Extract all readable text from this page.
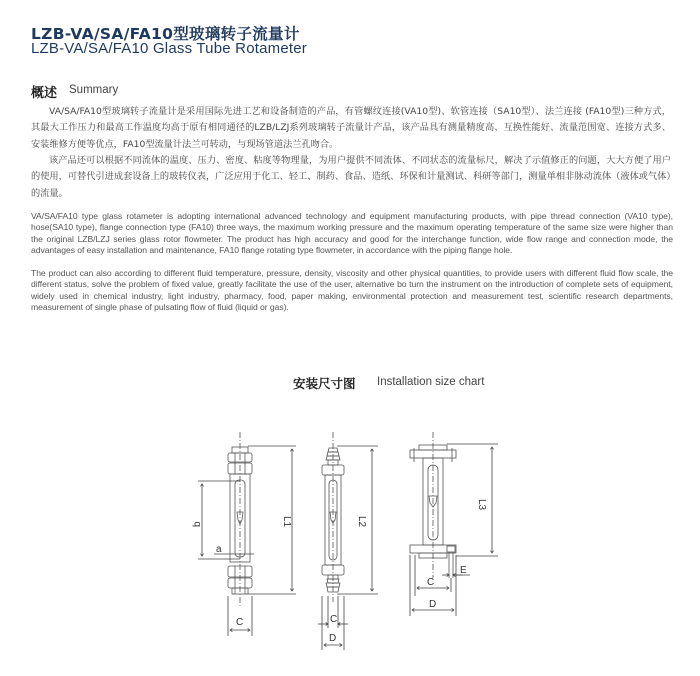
LZB-VA/SA/FA10型玻璃转子流量计
LZB-VA/SA/FA10 Glass Tube Rotameter
概述 Summary
VA/SA/FA10型玻璃转子流量计是采用国际先进工艺和设备制造的产品，有管螺纹连接(VA10型)、软管连接（SA10型）、法兰连接 (FA10型)三种方式，其最大工作压力和最高工作温度均高于原有相同通径的LZB/LZJ系列玻璃转子流量计产品，该产品具有测量精度高、互换性能好、流量范围宽、连接方式多、安装维修方便等优点，FA10型流量计法兰可转动，与现场管道法兰孔吻合。
该产品还可以根据不同流体的温度、压力、密度、粘度等物理量，为用户提供不同流体、不同状态的流量标尺，解决了示值修正的问题，大大方便了用户的使用，可替代引进成套设备上的玻转仪表，广泛应用于化工、轻工、制药、食品、造纸、环保和计量测试、科研等部门，测量单相非脉动流体（液体或气体）的流量。
VA/SA/FA10 type glass rotameter is adopting international advanced technology and equipment manufacturing products, with pipe thread connection (VA10 type), hose(SA10 type), flange connection type (FA10) three ways, the maximum working pressure and the maximum operating temperature of the same size were higher than the original LZB/LZJ series glass rotor flowmeter. The product has high accuracy and good for the interchange function, wide flow range and connection mode, the advantages of easy installation and maintenance, FA10 flange rotating type flowmeter, in accordance with the piping flange hole.
The product can also according to different fluid temperature, pressure, density, viscosity and other physical quantities, to provide users with different fluid flow scale, the different status, solve the problem of fixed value, greatly facilitate the use of the user, alternative bo turn the instrument on the introduction of complete sets of equipment, widely used in chemical industry, light industry, pharmacy, food, paper making, environmental protection and measurement test, scientific research departments, measurement of single phase of pulsating flow of fluid (liquid or gas).
安装尺寸图 Installation size chart
b
a
L1
C
L2
C
D
L3
C
D
E
